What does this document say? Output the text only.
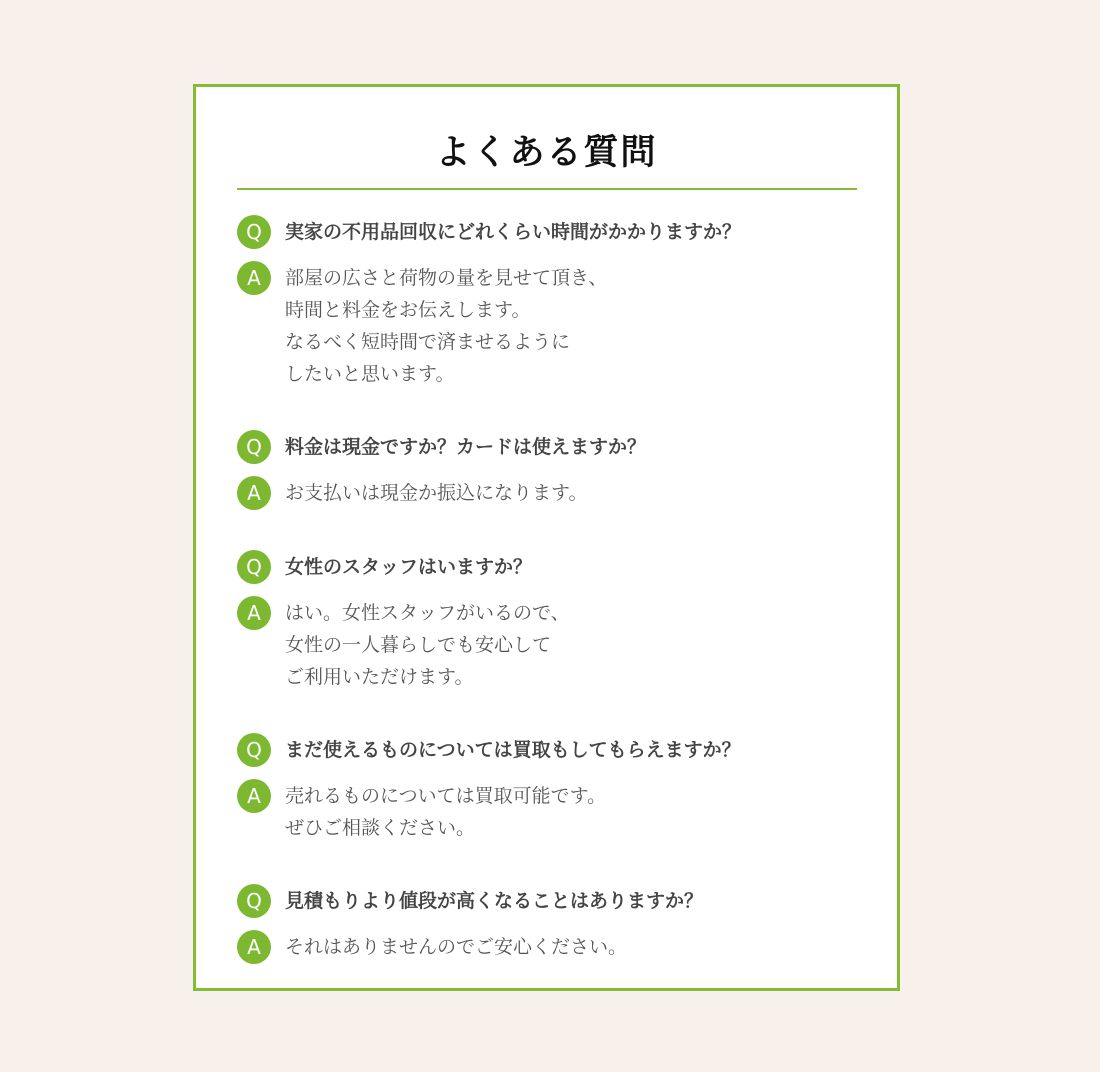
よくある質問
Q	実家の不用品回収にどれくらい時間がかかりますか？
A	部屋の広さと荷物の量を見せて頂き、
時間と料金をお伝えします。
なるべく短時間で済ませるように
したいと思います。
Q	料金は現金ですか？カードは使えますか？
A	お支払いは現金か振込になります。
Q	女性のスタッフはいますか？
A	はい。女性スタッフがいるので、
女性の一人暮らしでも安心して
ご利用いただけます。
Q	まだ使えるものについては買取もしてもらえますか？
A	売れるものについては買取可能です。
ぜひご相談ください。
Q	見積もりより値段が高くなることはありますか？
A	それはありませんのでご安心ください。
